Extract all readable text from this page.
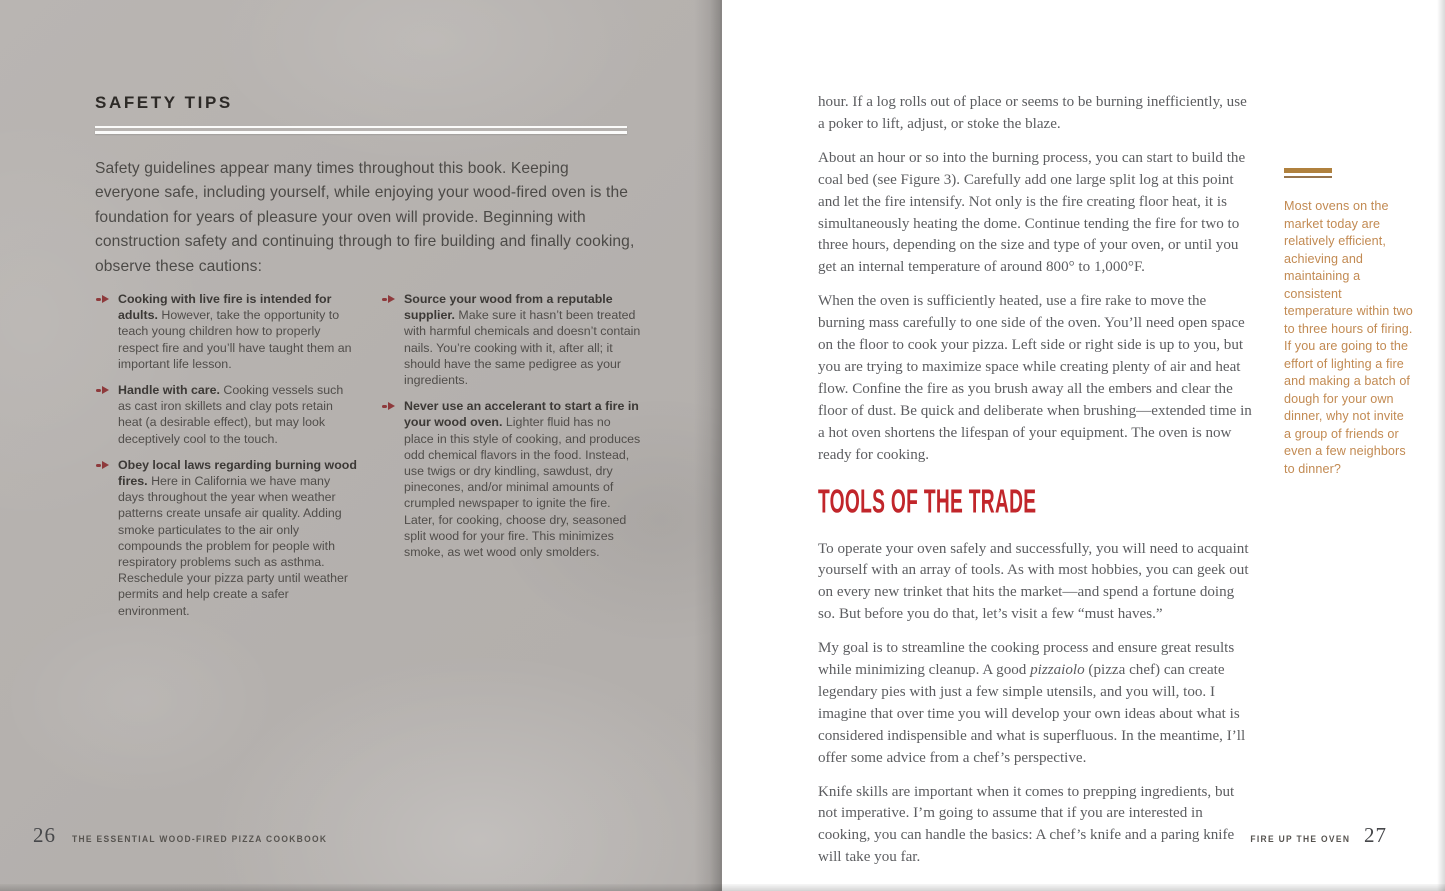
SAFETY TIPS
Safety guidelines appear many times throughout this book. Keeping everyone safe, including yourself, while enjoying your wood-fired oven is the foundation for years of pleasure your oven will provide. Beginning with construction safety and continuing through to fire building and finally cooking, observe these cautions:
Cooking with live fire is intended for adults. However, take the opportunity to teach young children how to properly respect fire and you’ll have taught them an important life lesson.
Handle with care. Cooking vessels such as cast iron skillets and clay pots retain heat (a desirable effect), but may look deceptively cool to the touch.
Obey local laws regarding burning wood fires. Here in California we have many days throughout the year when weather patterns create unsafe air quality. Adding smoke particulates to the air only compounds the problem for people with respiratory problems such as asthma. Reschedule your pizza party until weather permits and help create a safer environment.
Source your wood from a reputable supplier. Make sure it hasn’t been treated with harmful chemicals and doesn’t contain nails. You’re cooking with it, after all; it should have the same pedigree as your ingredients.
Never use an accelerant to start a fire in your wood oven. Lighter fluid has no place in this style of cooking, and produces odd chemical flavors in the food. Instead, use twigs or dry kindling, sawdust, dry pinecones, and/or minimal amounts of crumpled newspaper to ignite the fire. Later, for cooking, choose dry, seasoned split wood for your fire. This minimizes smoke, as wet wood only smolders.
26 THE ESSENTIAL WOOD-FIRED PIZZA COOKBOOK

hour. If a log rolls out of place or seems to be burning inefficiently, use a poker to lift, adjust, or stoke the blaze.

About an hour or so into the burning process, you can start to build the coal bed (see Figure 3). Carefully add one large split log at this point and let the fire intensify. Not only is the fire creating floor heat, it is simultaneously heating the dome. Continue tending the fire for two to three hours, depending on the size and type of your oven, or until you get an internal temperature of around 800° to 1,000°F.

When the oven is sufficiently heated, use a fire rake to move the burning mass carefully to one side of the oven. You’ll need open space on the floor to cook your pizza. Left side or right side is up to you, but you are trying to maximize space while creating plenty of air and heat flow. Confine the fire as you brush away all the embers and clear the floor of dust. Be quick and deliberate when brushing—extended time in a hot oven shortens the lifespan of your equipment. The oven is now ready for cooking.

TOOLS OF THE TRADE

To operate your oven safely and successfully, you will need to acquaint yourself with an array of tools. As with most hobbies, you can geek out on every new trinket that hits the market—and spend a fortune doing so. But before you do that, let’s visit a few “must haves.”

My goal is to streamline the cooking process and ensure great results while minimizing cleanup. A good pizzaiolo (pizza chef) can create legendary pies with just a few simple utensils, and you will, too. I imagine that over time you will develop your own ideas about what is considered indispensible and what is superfluous. In the meantime, I’ll offer some advice from a chef’s perspective.

Knife skills are important when it comes to prepping ingredients, but not imperative. I’m going to assume that if you are interested in cooking, you can handle the basics: A chef’s knife and a paring knife will take you far.

Most ovens on the market today are relatively efficient, achieving and maintaining a consistent temperature within two to three hours of firing. If you are going to the effort of lighting a fire and making a batch of dough for your own dinner, why not invite a group of friends or even a few neighbors to dinner?
FIRE UP THE OVEN 27
